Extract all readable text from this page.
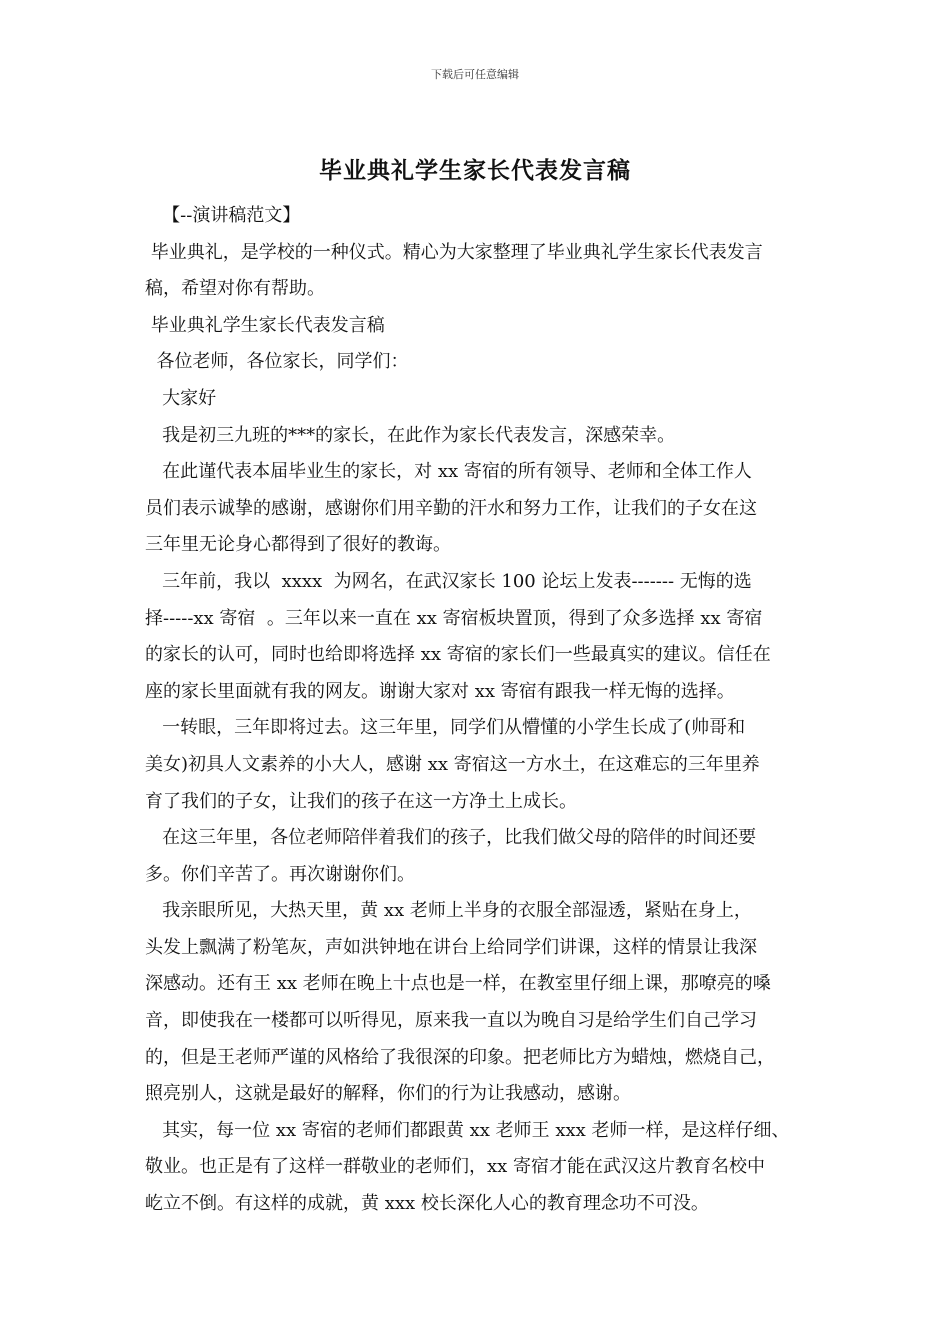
下载后可任意编辑
毕业典礼学生家长代表发言稿
【--演讲稿范文】
毕业典礼，是学校的一种仪式。精心为大家整理了毕业典礼学生家长代表发言
稿，希望对你有帮助。
毕业典礼学生家长代表发言稿
各位老师，各位家长，同学们：
大家好
我是初三九班的***的家长，在此作为家长代表发言，深感荣幸。
在此谨代表本届毕业生的家长，对 xx 寄宿的所有领导、老师和全体工作人
员们表示诚挚的感谢，感谢你们用辛勤的汗水和努力工作，让我们的子女在这
三年里无论身心都得到了很好的教诲。
三年前，我以  xxxx  为网名，在武汉家长 100 论坛上发表------- 无悔的选
择-----xx 寄宿  。三年以来一直在 xx 寄宿板块置顶，得到了众多选择 xx 寄宿
的家长的认可，同时也给即将选择 xx 寄宿的家长们一些最真实的建议。信任在
座的家长里面就有我的网友。谢谢大家对 xx 寄宿有跟我一样无悔的选择。
一转眼，三年即将过去。这三年里，同学们从懵懂的小学生长成了(帅哥和
美女)初具人文素养的小大人，感谢 xx 寄宿这一方水土，在这难忘的三年里养
育了我们的子女，让我们的孩子在这一方净土上成长。
在这三年里，各位老师陪伴着我们的孩子，比我们做父母的陪伴的时间还要
多。你们辛苦了。再次谢谢你们。
我亲眼所见，大热天里，黄 xx 老师上半身的衣服全部湿透，紧贴在身上，
头发上飘满了粉笔灰，声如洪钟地在讲台上给同学们讲课，这样的情景让我深
深感动。还有王 xx 老师在晚上十点也是一样，在教室里仔细上课，那嘹亮的嗓
音，即使我在一楼都可以听得见，原来我一直以为晚自习是给学生们自己学习
的，但是王老师严谨的风格给了我很深的印象。把老师比方为蜡烛，燃烧自己，
照亮别人，这就是最好的解释，你们的行为让我感动，感谢。
其实，每一位 xx 寄宿的老师们都跟黄 xx 老师王 xxx 老师一样，是这样仔细、
敬业。也正是有了这样一群敬业的老师们，xx 寄宿才能在武汉这片教育名校中
屹立不倒。有这样的成就，黄 xxx 校长深化人心的教育理念功不可没。
